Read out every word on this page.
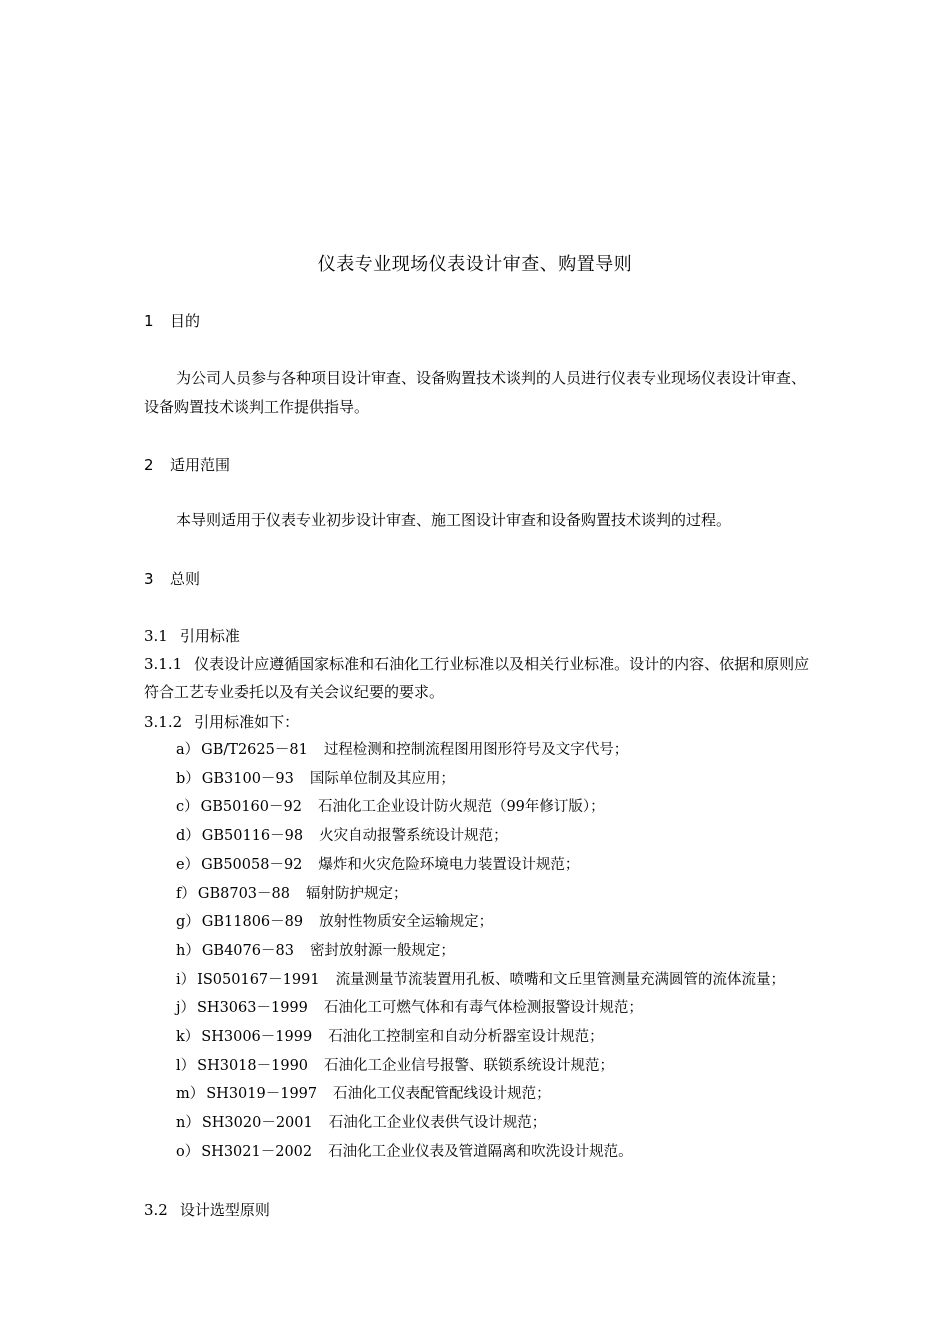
仪表专业现场仪表设计审查、购置导则
1 目的
为公司人员参与各种项目设计审查、设备购置技术谈判的人员进行仪表专业现场仪表设计审查、设备购置技术谈判工作提供指导。
2 适用范围
本导则适用于仪表专业初步设计审查、施工图设计审查和设备购置技术谈判的过程。
3 总则
3.1 引用标准
3.1.1 仪表设计应遵循国家标准和石油化工行业标准以及相关行业标准。设计的内容、依据和原则应符合工艺专业委托以及有关会议纪要的要求。
3.1.2 引用标准如下：
a） GB/T2625－81 过程检测和控制流程图用图形符号及文字代号；
b） GB3100－93 国际单位制及其应用；
c） GB50160－92 石油化工企业设计防火规范（99年修订版）；
d） GB50116－98 火灾自动报警系统设计规范；
e） GB50058－92 爆炸和火灾危险环境电力装置设计规范；
f） GB8703－88 辐射防护规定；
g） GB11806－89 放射性物质安全运输规定；
h） GB4076－83 密封放射源一般规定；
i） IS050167－1991 流量测量节流装置用孔板、喷嘴和文丘里管测量充满圆管的流体流量；
j） SH3063－1999 石油化工可燃气体和有毒气体检测报警设计规范；
k） SH3006－1999 石油化工控制室和自动分析器室设计规范；
l） SH3018－1990 石油化工企业信号报警、联锁系统设计规范；
m） SH3019－1997 石油化工仪表配管配线设计规范；
n） SH3020－2001 石油化工企业仪表供气设计规范；
o） SH3021－2002 石油化工企业仪表及管道隔离和吹洗设计规范。
3.2 设计选型原则
